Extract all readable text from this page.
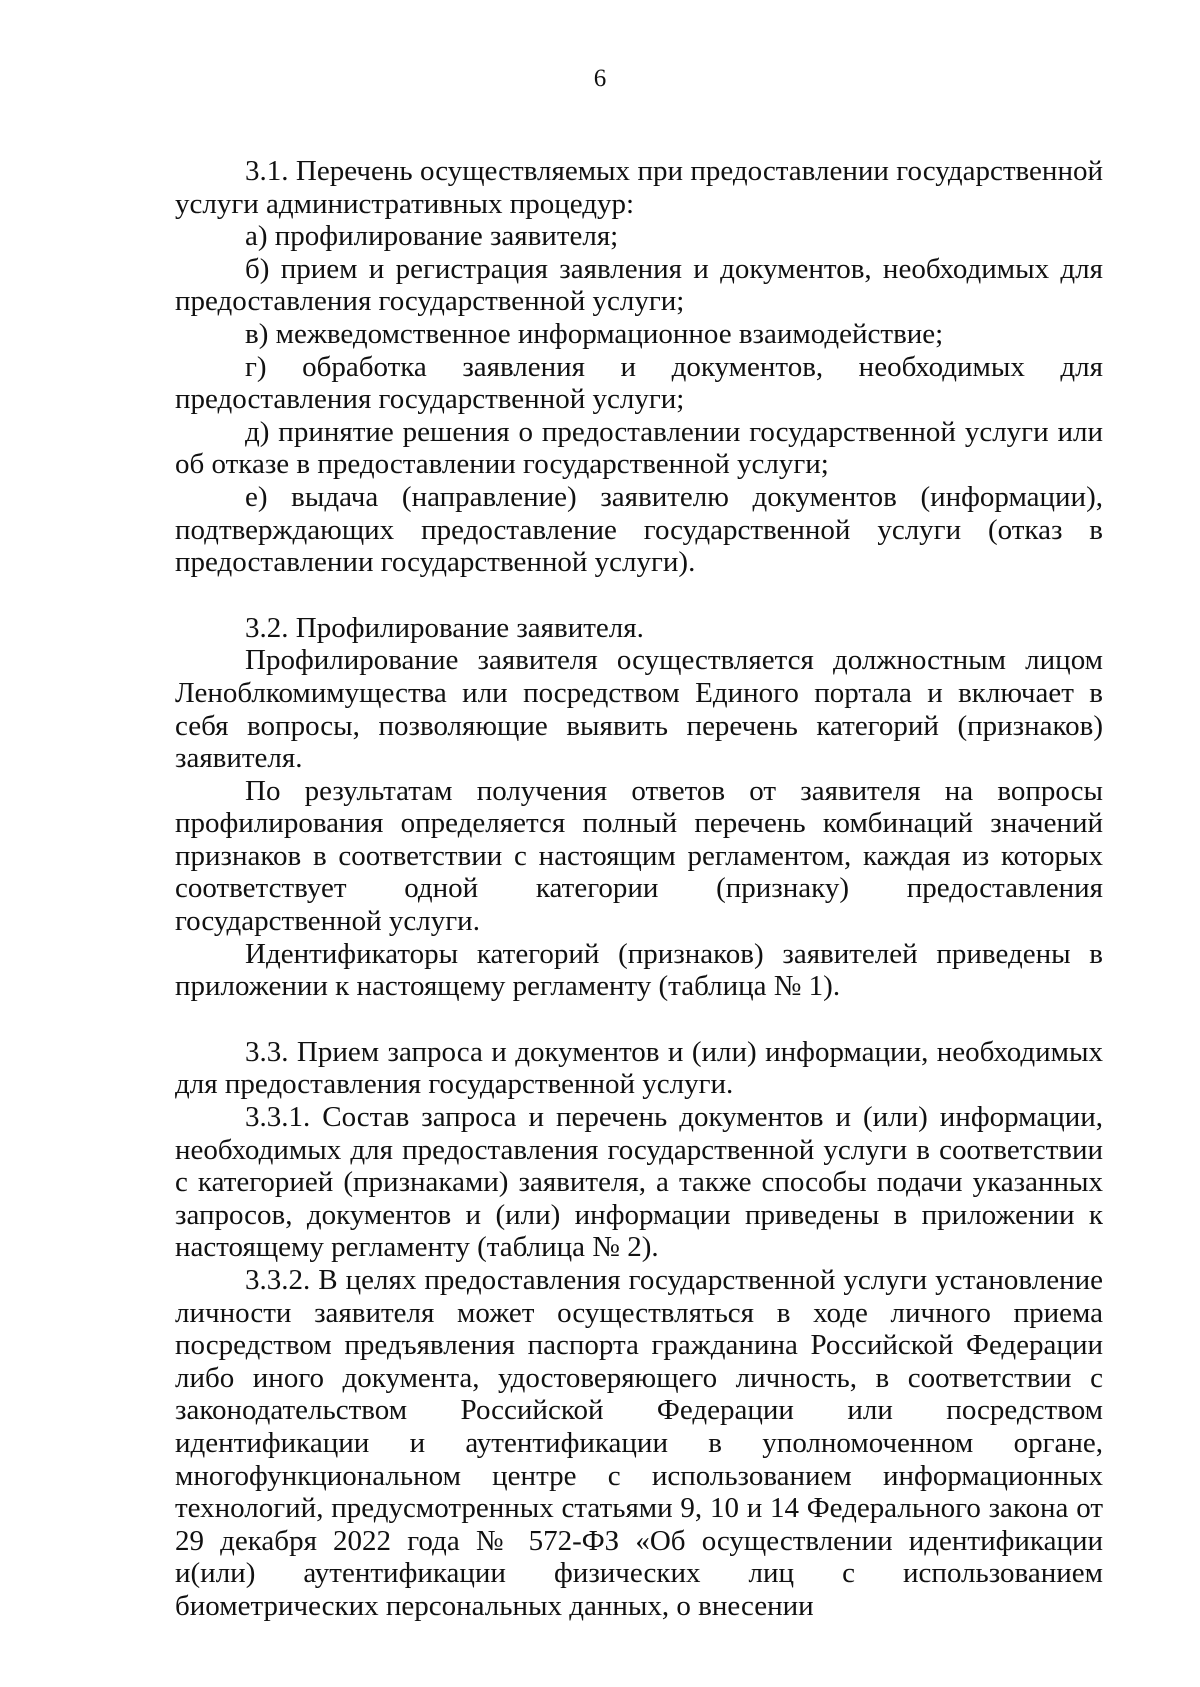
6

3.1. Перечень осуществляемых при предоставлении государственной услуги административных процедур:

а) профилирование заявителя;

б) прием и регистрация заявления и документов, необходимых для предоставления государственной услуги;

в) межведомственное информационное взаимодействие;

г) обработка заявления и документов, необходимых для предоставления государственной услуги;

д) принятие решения о предоставлении государственной услуги или об отказе в предоставлении государственной услуги;

е) выдача (направление) заявителю документов (информации), подтверждающих предоставление государственной услуги (отказ в предоставлении государственной услуги).

3.2. Профилирование заявителя.

Профилирование заявителя осуществляется должностным лицом Леноблкомимущества или посредством Единого портала и включает в себя вопросы, позволяющие выявить перечень категорий (признаков) заявителя.

По результатам получения ответов от заявителя на вопросы профилирования определяется полный перечень комбинаций значений признаков в соответствии с настоящим регламентом, каждая из которых соответствует одной категории (признаку) предоставления государственной услуги.

Идентификаторы категорий (признаков) заявителей приведены в приложении к настоящему регламенту (таблица № 1).

3.3. Прием запроса и документов и (или) информации, необходимых для предоставления государственной услуги.

3.3.1. Состав запроса и перечень документов и (или) информации, необходимых для предоставления государственной услуги в соответствии с категорией (признаками) заявителя, а также способы подачи указанных запросов, документов и (или) информации приведены в приложении к настоящему регламенту (таблица № 2).

3.3.2. В целях предоставления государственной услуги установление личности заявителя может осуществляться в ходе личного приема посредством предъявления паспорта гражданина Российской Федерации либо иного документа, удостоверяющего личность, в соответствии с законодательством Российской Федерации или посредством идентификации и аутентификации в уполномоченном органе, многофункциональном центре с использованием информационных технологий, предусмотренных статьями 9, 10 и 14 Федерального закона от 29 декабря 2022 года № 572-ФЗ «Об осуществлении идентификации и(или) аутентификации физических лиц с использованием биометрических персональных данных, о внесении
